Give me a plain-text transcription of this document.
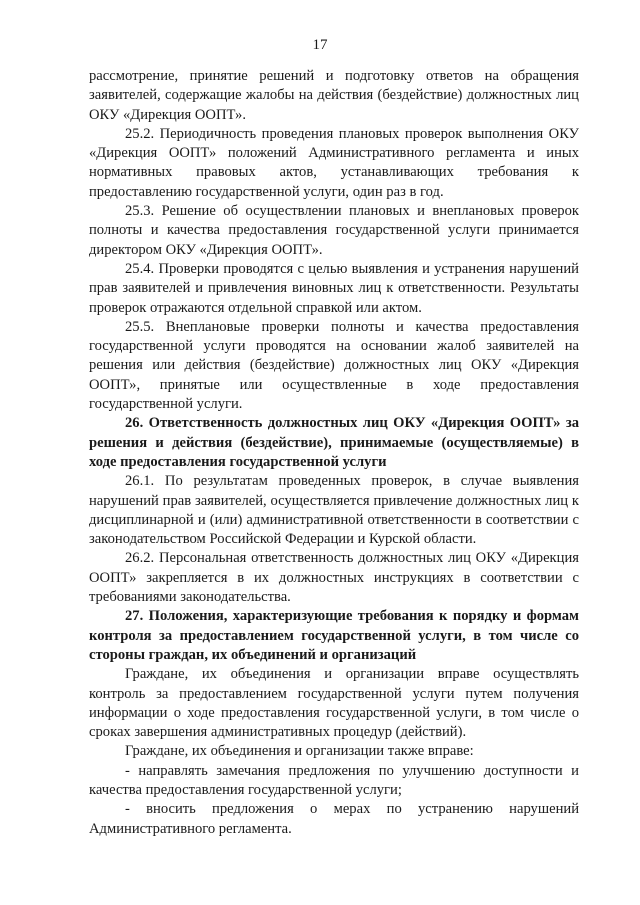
17

рассмотрение, принятие решений и подготовку ответов на обращения заявителей, содержащие жалобы на действия (бездействие) должностных лиц ОКУ «Дирекция ООПТ».

25.2. Периодичность проведения плановых проверок выполнения ОКУ «Дирекция ООПТ» положений Административного регламента и иных нормативных правовых актов, устанавливающих требования к предоставлению государственной услуги, один раз в год.

25.3. Решение об осуществлении плановых и внеплановых проверок полноты и качества предоставления государственной услуги принимается директором ОКУ «Дирекция ООПТ».

25.4. Проверки проводятся с целью выявления и устранения нарушений прав заявителей и привлечения виновных лиц к ответственности. Результаты проверок отражаются отдельной справкой или актом.

25.5. Внеплановые проверки полноты и качества предоставления государственной услуги проводятся на основании жалоб заявителей на решения или действия (бездействие) должностных лиц ОКУ «Дирекция ООПТ», принятые или осуществленные в ходе предоставления государственной услуги.

26. Ответственность должностных лиц ОКУ «Дирекция ООПТ» за решения и действия (бездействие), принимаемые (осуществляемые) в ходе предоставления государственной услуги

26.1. По результатам проведенных проверок, в случае выявления нарушений прав заявителей, осуществляется привлечение должностных лиц к дисциплинарной и (или) административной ответственности в соответствии с законодательством Российской Федерации и Курской области.

26.2. Персональная ответственность должностных лиц ОКУ «Дирекция ООПТ» закрепляется в их должностных инструкциях в соответствии с требованиями законодательства.

27. Положения, характеризующие требования к порядку и формам контроля за предоставлением государственной услуги, в том числе со стороны граждан, их объединений и организаций

Граждане, их объединения и организации вправе осуществлять контроль за предоставлением государственной услуги путем получения информации о ходе предоставления государственной услуги, в том числе о сроках завершения административных процедур (действий).

Граждане, их объединения и организации также вправе:

- направлять замечания предложения по улучшению доступности и качества предоставления государственной услуги;

- вносить предложения о мерах по устранению нарушений Административного регламента.
